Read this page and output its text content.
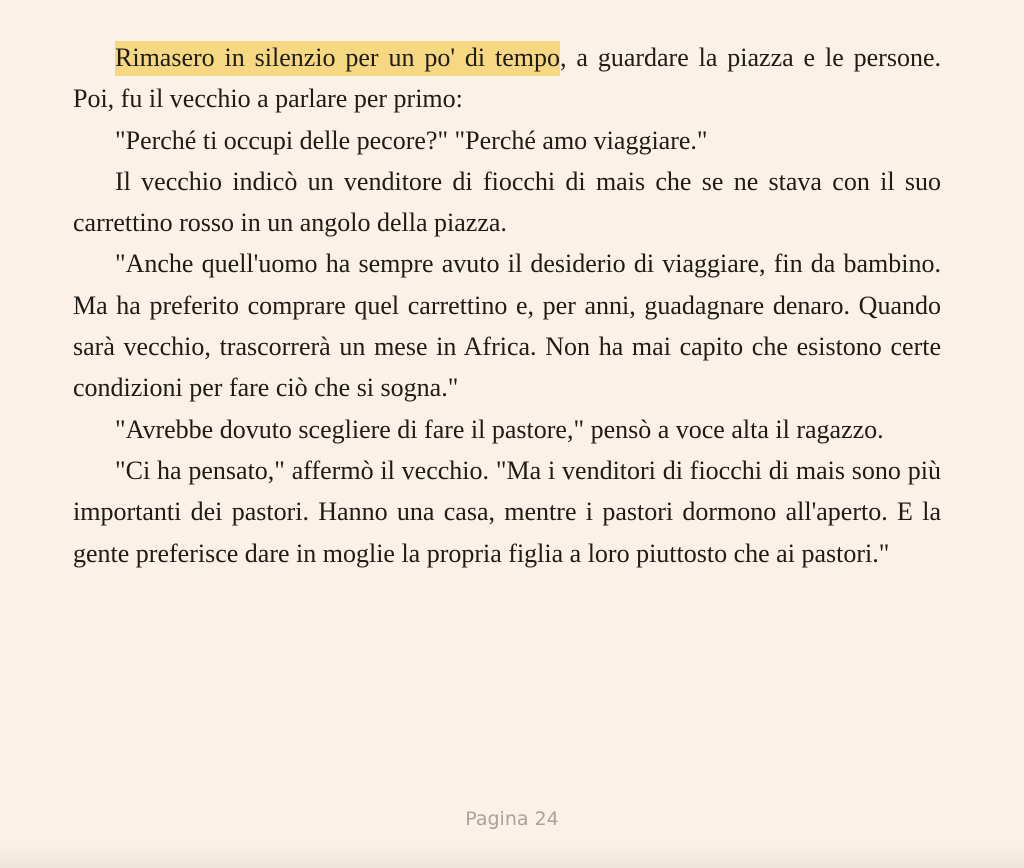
Rimasero in silenzio per un po' di tempo, a guardare la piazza e le persone. Poi, fu il vecchio a parlare per primo:

"Perché ti occupi delle pecore?" "Perché amo viaggiare."

Il vecchio indicò un venditore di fiocchi di mais che se ne stava con il suo carrettino rosso in un angolo della piazza.

"Anche quell'uomo ha sempre avuto il desiderio di viaggiare, fin da bambino. Ma ha preferito comprare quel carrettino e, per anni, guadagnare denaro. Quando sarà vecchio, trascorrerà un mese in Africa. Non ha mai capito che esistono certe condizioni per fare ciò che si sogna."

"Avrebbe dovuto scegliere di fare il pastore," pensò a voce alta il ragazzo.

"Ci ha pensato," affermò il vecchio. "Ma i venditori di fiocchi di mais sono più importanti dei pastori. Hanno una casa, mentre i pastori dormono all'aperto. E la gente preferisce dare in moglie la propria figlia a loro piuttosto che ai pastori."

Pagina 24
